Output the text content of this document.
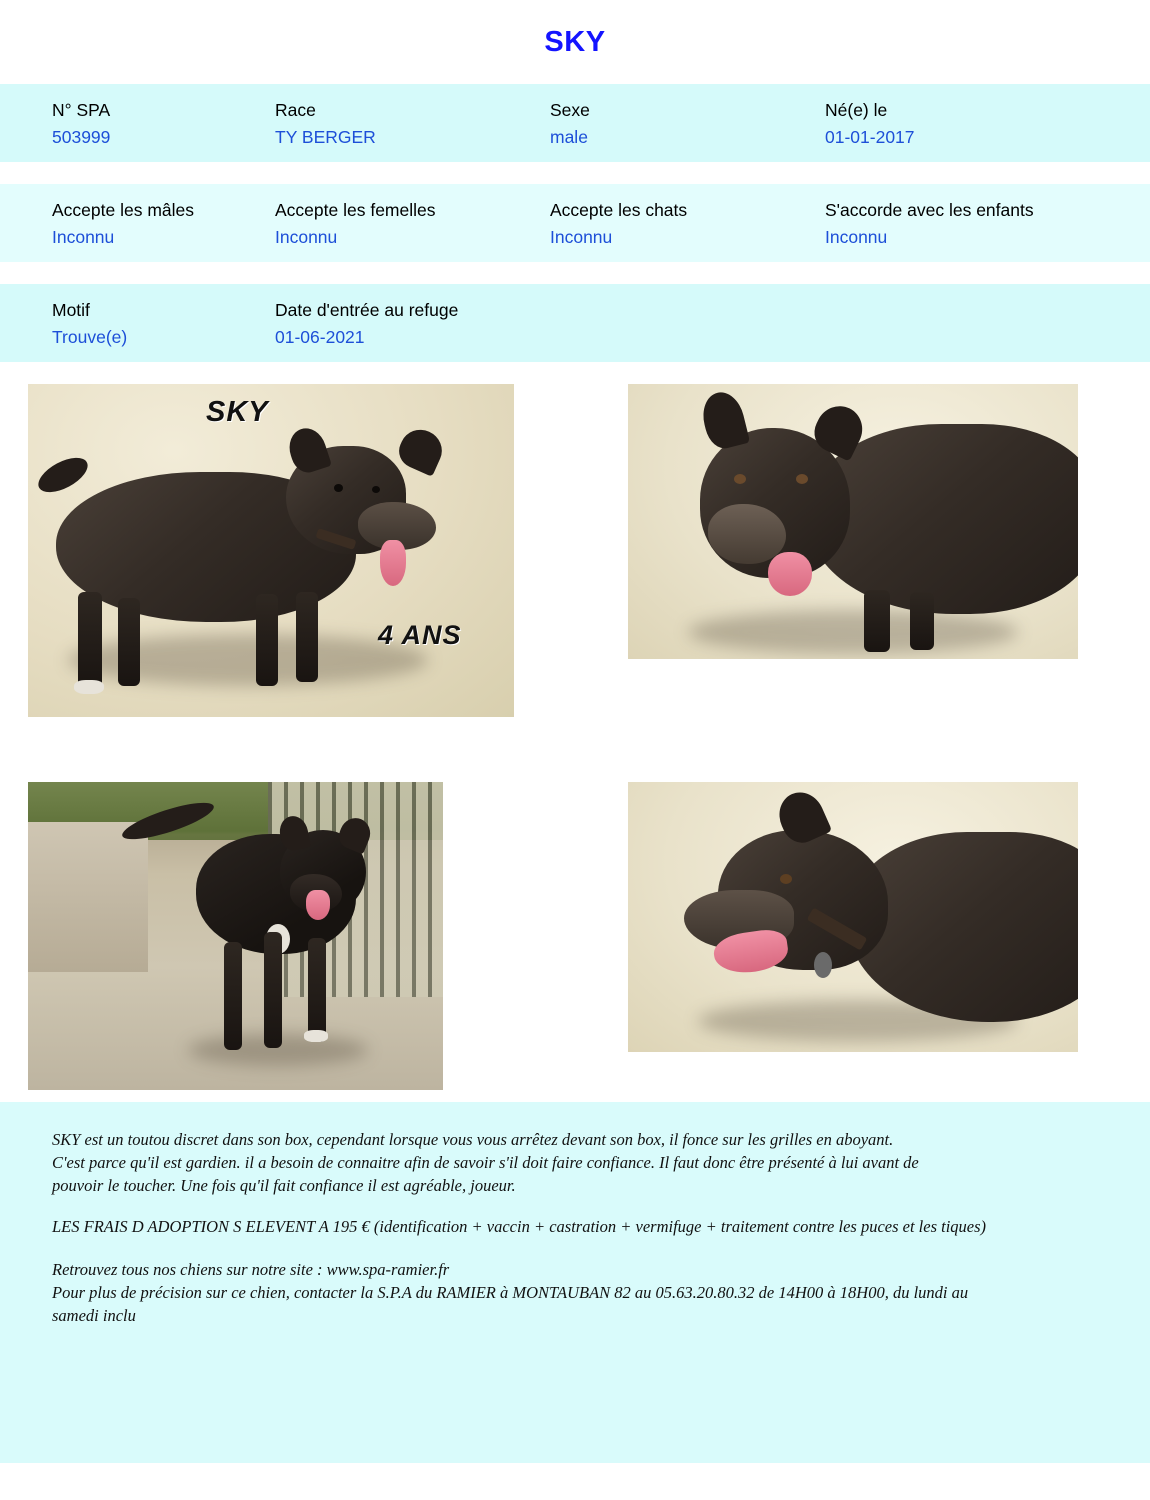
SKY
N° SPA
503999
Race
TY BERGER
Sexe
male
Né(e) le
01-01-2017
Accepte les mâles
Inconnu
Accepte les femelles
Inconnu
Accepte les chats
Inconnu
S'accorde avec les enfants
Inconnu
Motif
Trouve(e)
Date d'entrée au refuge
01-06-2021
SKY
4 ANS

SKY est un toutou discret dans son box, cependant lorsque vous vous arrêtez devant son box, il fonce sur les grilles en aboyant.
C'est parce qu'il est gardien. il a besoin de connaitre afin de savoir s'il doit faire confiance. Il faut donc être présenté à lui avant de
pouvoir le toucher. Une fois qu'il fait confiance il est agréable, joueur.

LES FRAIS D ADOPTION S ELEVENT A 195 € (identification + vaccin + castration + vermifuge + traitement contre les puces et les tiques)

Retrouvez tous nos chiens sur notre site : www.spa-ramier.fr
Pour plus de précision sur ce chien, contacter la S.P.A du RAMIER à MONTAUBAN 82 au 05.63.20.80.32 de 14H00 à 18H00, du lundi au
samedi inclu
